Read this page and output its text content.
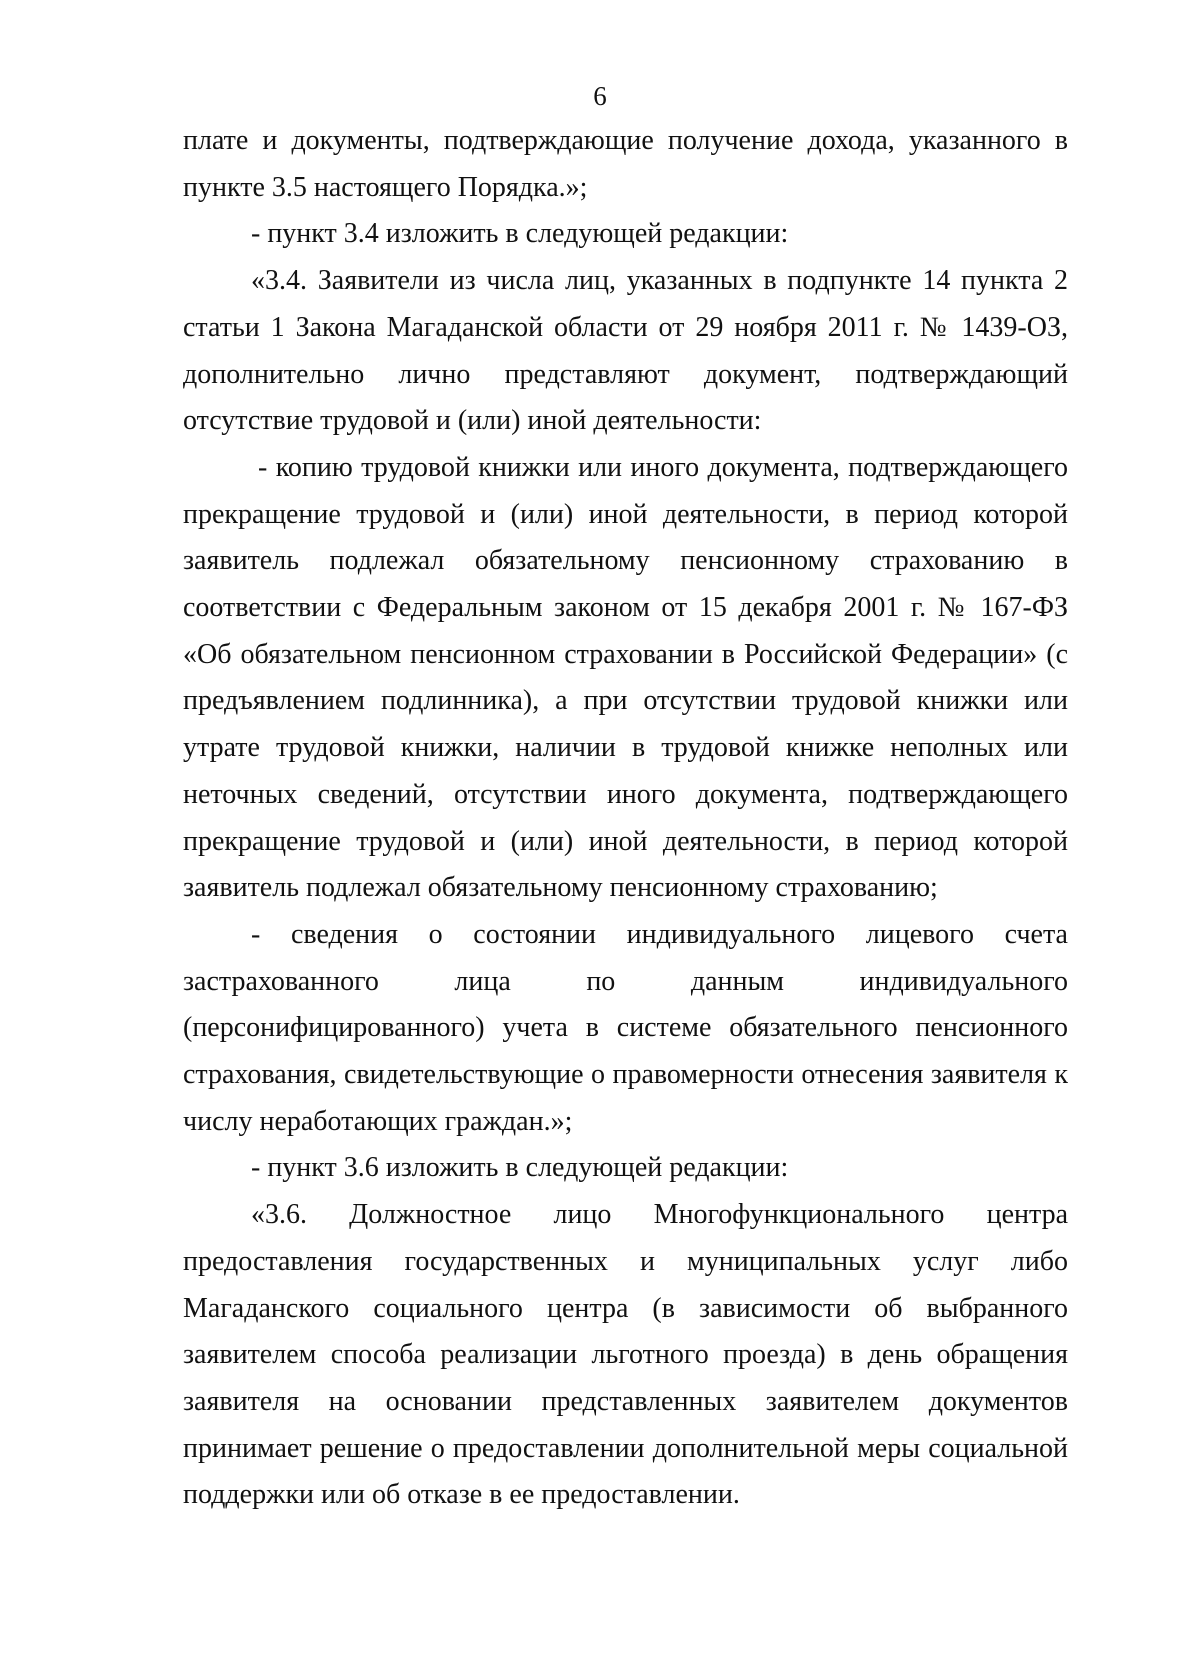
6

плате и документы, подтверждающие получение дохода, указанного в пункте 3.5 настоящего Порядка.»;

- пункт 3.4 изложить в следующей редакции:

«3.4. Заявители из числа лиц, указанных в подпункте 14 пункта 2 статьи 1 Закона Магаданской области от 29 ноября 2011 г. № 1439-ОЗ, дополнительно лично представляют документ, подтверждающий отсутствие трудовой и (или) иной деятельности:

- копию трудовой книжки или иного документа, подтверждающего прекращение трудовой и (или) иной деятельности, в период которой заявитель подлежал обязательному пенсионному страхованию в соответствии с Федеральным законом от 15 декабря 2001 г. № 167-ФЗ «Об обязательном пенсионном страховании в Российской Федерации» (с предъявлением подлинника), а при отсутствии трудовой книжки или утрате трудовой книжки, наличии в трудовой книжке неполных или неточных сведений, отсутствии иного документа, подтверждающего прекращение трудовой и (или) иной деятельности, в период которой заявитель подлежал обязательному пенсионному страхованию;

- сведения о состоянии индивидуального лицевого счета застрахованного лица по данным индивидуального (персонифицированного) учета в системе обязательного пенсионного страхования, свидетельствующие о правомерности отнесения заявителя к числу неработающих граждан.»;

- пункт 3.6 изложить в следующей редакции:

«3.6. Должностное лицо Многофункционального центра предоставления государственных и муниципальных услуг либо Магаданского социального центра (в зависимости об выбранного заявителем способа реализации льготного проезда) в день обращения заявителя на основании представленных заявителем документов принимает решение о предоставлении дополнительной меры социальной поддержки или об отказе в ее предоставлении.
